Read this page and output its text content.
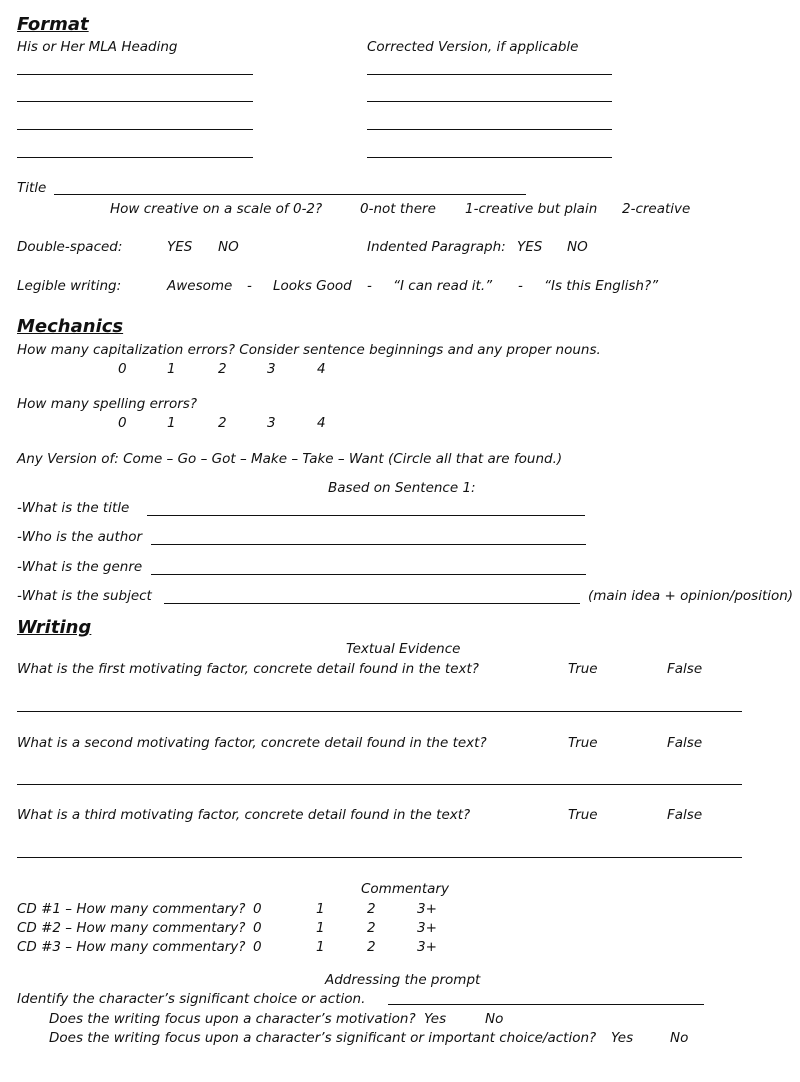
Format
His or Her MLA Heading	Corrected Version, if applicable
Title
How creative on a scale of 0-2?	0-not there 1-creative but plain 2-creative
Double-spaced:	YES NO	Indented Paragraph: YES NO
Legible writing:	Awesome - Looks Good - “I can read it.” - “Is this English?”
Mechanics
How many capitalization errors? Consider sentence beginnings and any proper nouns.
0	1	2	3	4
How many spelling errors?
0	1	2	3	4
Any Version of: Come – Go – Got – Make – Take – Want (Circle all that are found.)
Based on Sentence 1:
-What is the title
-Who is the author
-What is the genre
-What is the subject	(main idea + opinion/position)
Writing
Textual Evidence
What is the first motivating factor, concrete detail found in the text?	True	False
What is a second motivating factor, concrete detail found in the text?	True	False
What is a third motivating factor, concrete detail found in the text?	True	False
Commentary
CD #1 – How many commentary? 0	1	2	3+
CD #2 – How many commentary? 0	1	2	3+
CD #3 – How many commentary? 0	1	2	3+
Addressing the prompt
Identify the character’s significant choice or action.
Does the writing focus upon a character’s motivation? Yes	No
Does the writing focus upon a character’s significant or important choice/action? Yes	No
